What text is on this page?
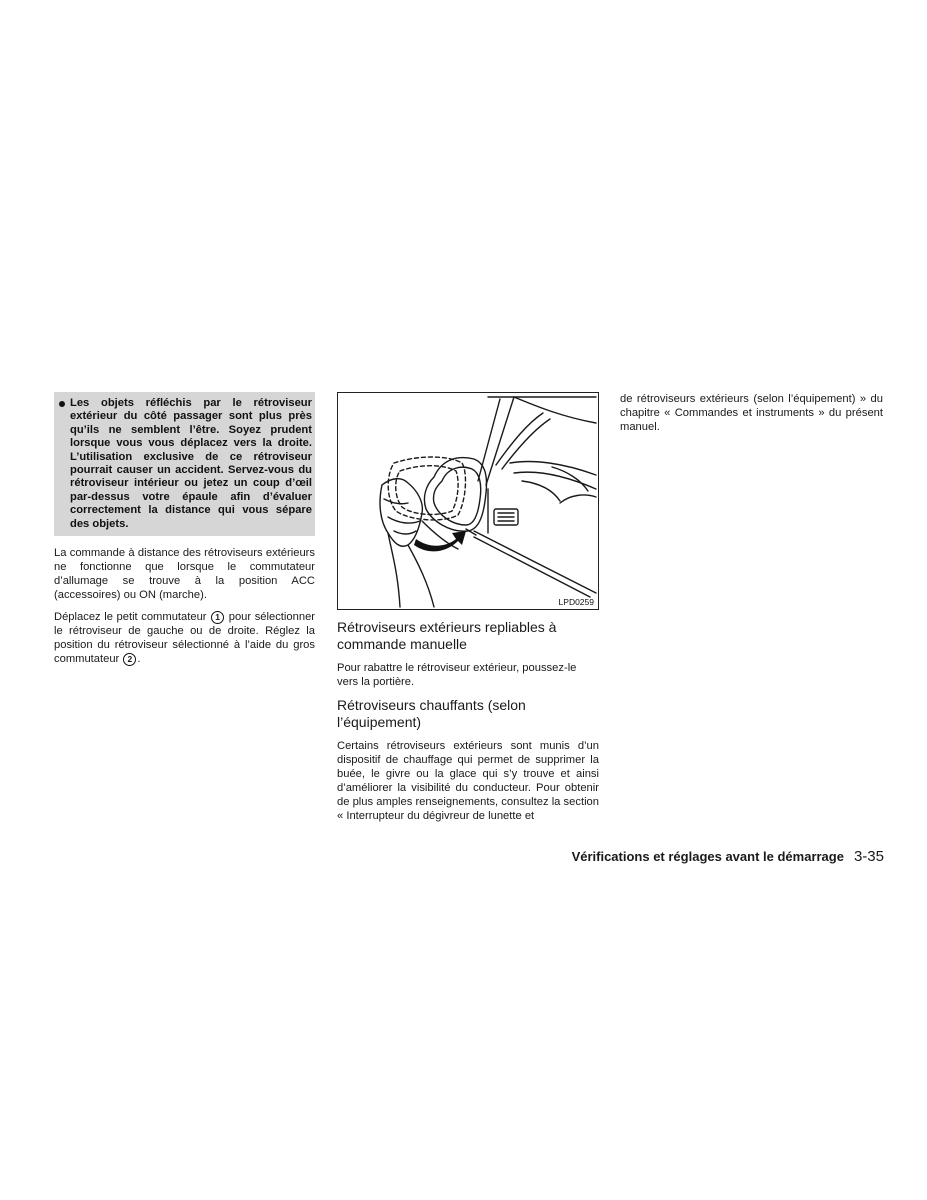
Les objets réfléchis par le rétroviseur extérieur du côté passager sont plus près qu’ils ne semblent l’être. Soyez prudent lorsque vous vous déplacez vers la droite. L’utilisation exclusive de ce rétroviseur pourrait causer un accident. Servez-vous du rétroviseur intérieur ou jetez un coup d’œil par-dessus votre épaule afin d’évaluer correctement la distance qui vous sépare des objets.

La commande à distance des rétroviseurs extérieurs ne fonctionne que lorsque le commutateur d’allumage se trouve à la position ACC (accessoires) ou ON (marche).

Déplacez le petit commutateur 1 pour sélectionner le rétroviseur de gauche ou de droite. Réglez la position du rétroviseur sélectionné à l’aide du gros commutateur 2 .

LPD0259
Rétroviseurs extérieurs repliables à commande manuelle

Pour rabattre le rétroviseur extérieur, poussez-le vers la portière.

Rétroviseurs chauffants (selon l’équipement)

Certains rétroviseurs extérieurs sont munis d’un dispositif de chauffage qui permet de supprimer la buée, le givre ou la glace qui s’y trouve et ainsi d’améliorer la visibilité du conducteur. Pour obtenir de plus amples renseignements, consultez la section « Interrupteur du dégivreur de lunette et

de rétroviseurs extérieurs (selon l’équipement) » du chapitre « Commandes et instruments » du présent manuel.

Vérifications et réglages avant le démarrage 3-35
